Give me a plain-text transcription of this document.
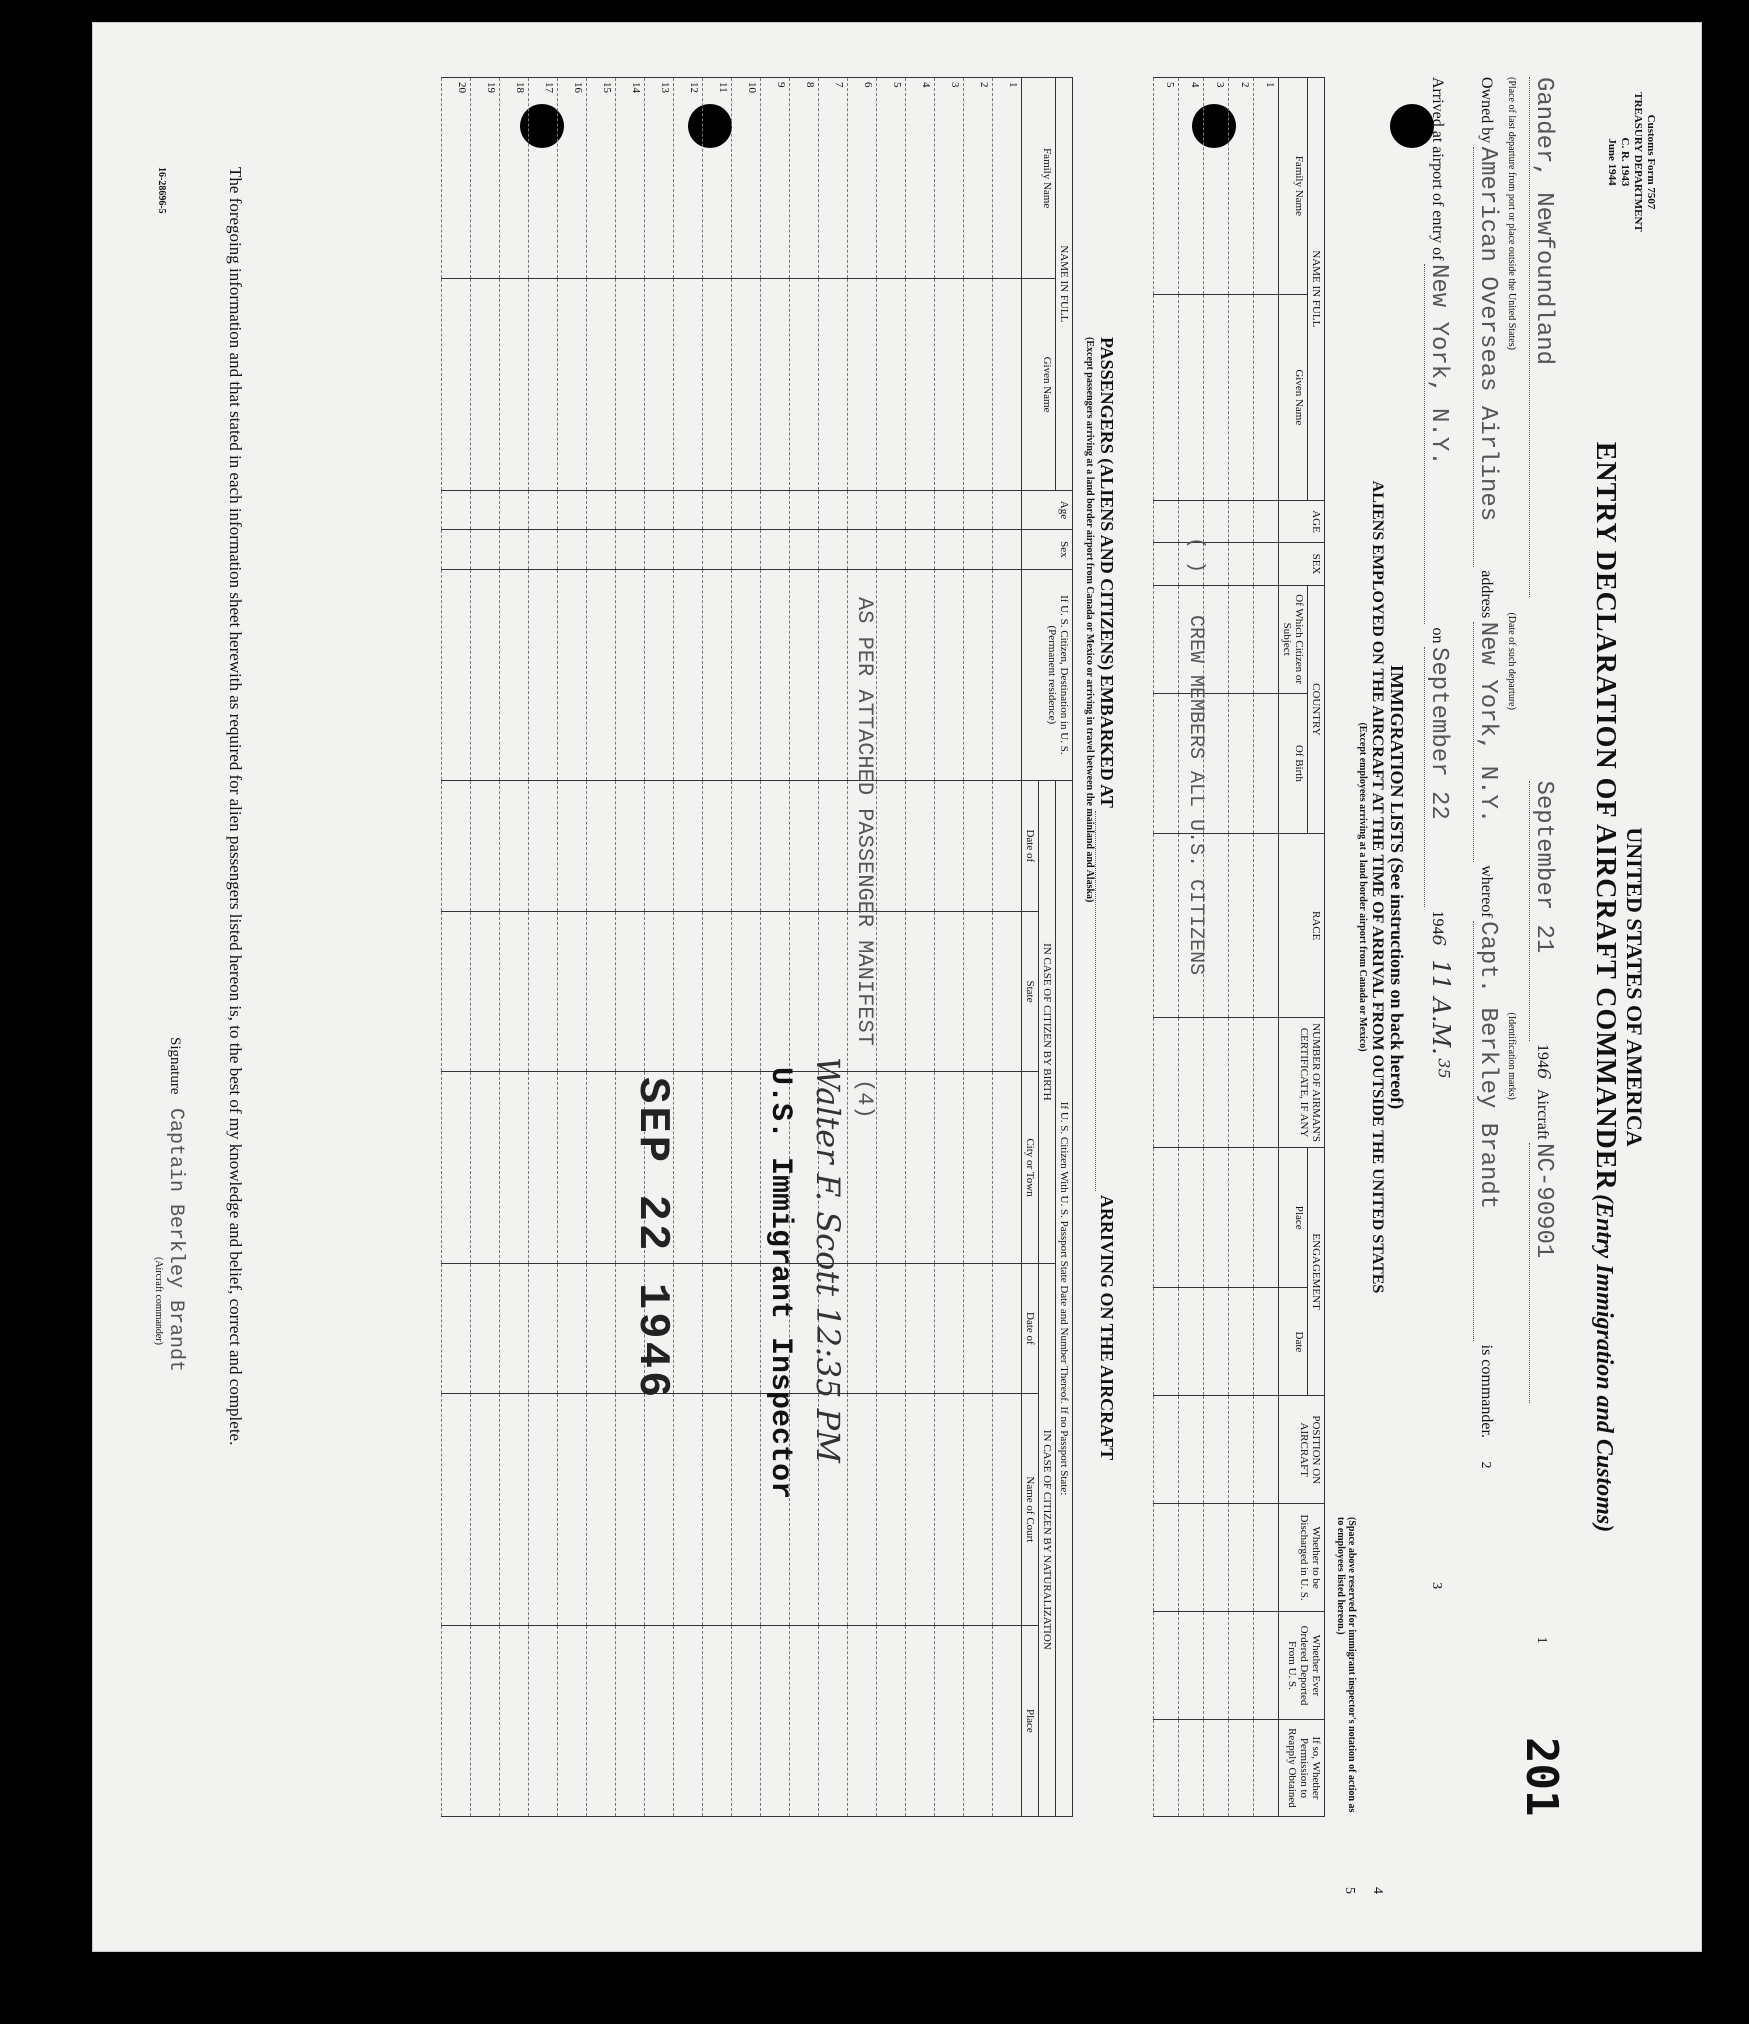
Customs Form 7507
TREASURY DEPARTMENT
C. R. 1943
June 1944
UNITED STATES OF AMERICA
ENTRY DECLARATION OF AIRCRAFT COMMANDER (Entry Immigration and Customs)
201
Gander, Newfoundland September 21 1946 Aircraft NC-90901 1
(Place of last departure from port or place outside the United States) (Date of such departure) (Identification marks)
Owned by American Overseas Airlines address New York, N.Y. whereof Capt. Berkley Brandt is commander. 2
Arrived at airport of entry of New York, N.Y. on September 22 1946 11 A.M. $^{35}$ 3
IMMIGRATION LISTS (See instructions on back hereof)
ALIENS EMPLOYED ON THE AIRCRAFT AT THE TIME OF ARRIVAL FROM OUTSIDE THE UNITED STATES
(Except employees arriving at a land border airport from Canada or Mexico)
(Space above reserved for immigrant inspector's notation of action as to employees listed hereon.)
4
5
NAME IN FULL		AGE	SEX	COUNTRY		RACE	NUMBER OF AIRMAN'S CERTIFICATE, IF ANY	ENGAGEMENT		POSITION ON AIRCRAFT	Whether to be Discharged in U. S.	Whether Ever Ordered Deported From U. S.	If so, Whether Permission to Reapply Obtained
Family Name	Given Name			Of Which Citizen or Subject	Of Birth			Place	Date				
1													
2													
3													
4													
5													
( ) CREW MEMBERS ALL U.S. CITIZENS
PASSENGERS (ALIENS AND CITIZENS) EMBARKED AT   ARRIVING ON THE AIRCRAFT
(Except passengers arriving at a land border airport from Canada or Mexico or arriving in travel between the mainland and Alaska)
NAME IN FULL		Age	Sex	If U. S. Citizen, Destination in U. S. (Permanent residence)	If U. S. Citizen With U. S. Passport State Date and Number Thereof. If no Passport State:					
Family Name	Given Name				IN CASE OF CITIZEN BY BIRTH			IN CASE OF CITIZEN BY NATURALIZATION		
					Date of	State	City or Town	Date of	Name of Court	Place
1										
2										
3										
4										
5										
6										
7										
8										
9										
10										
11										
12										
13										
14										
15										
16										
17										
18										
19										
20										
AS PER ATTACHED PASSENGER MANIFEST (4)
Walter F. Scott 12:35 PM
U.S. Immigrant Inspector
SEP 22 1946
The foregoing information and that stated in each information sheet herewith as required for alien passengers listed hereon is, to the best of my knowledge and belief, correct and complete.
Signature Captain Berkley Brandt
(Aircraft commander)
16-28696-5
